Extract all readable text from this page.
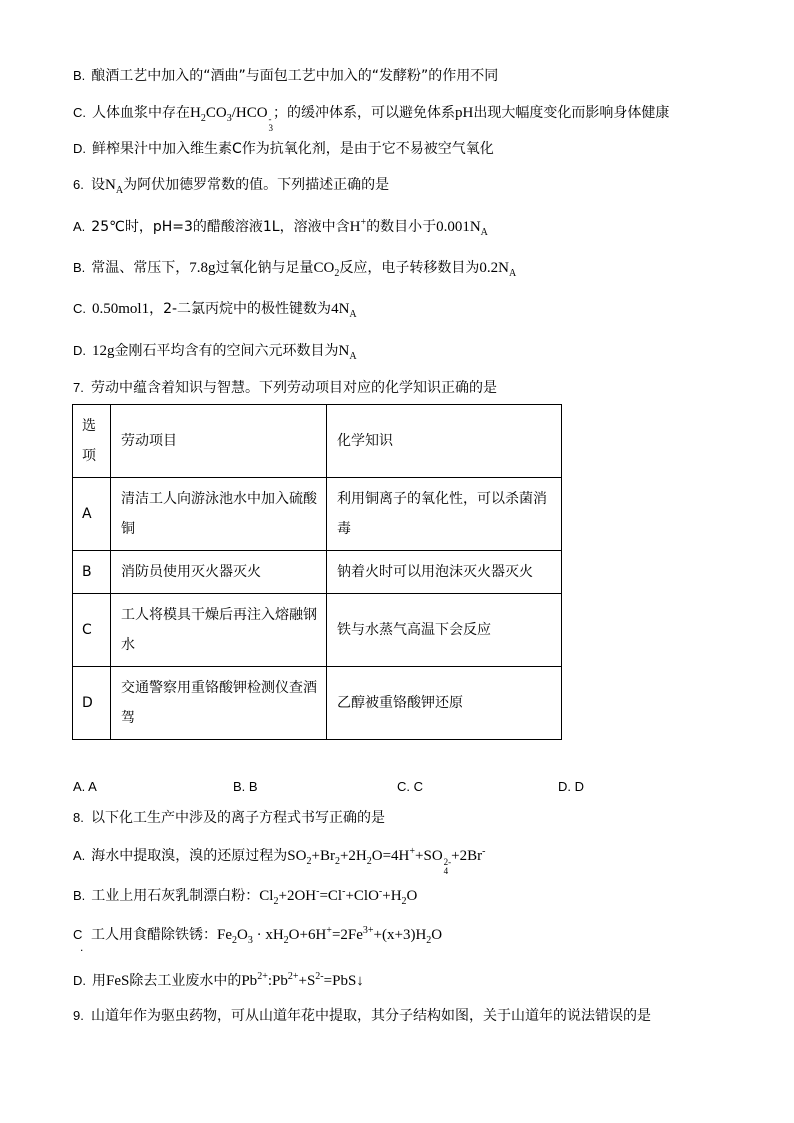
B. 酿酒工艺中加入的“酒曲”与面包工艺中加入的“发酵粉”的作用不同
C. 人体血浆中存在$H_2CO_3$/HCO -
3
；的缓冲体系，可以避免体系pH出现大幅度变化而影响身体健康
D. 鲜榨果汁中加入维生素C作为抗氧化剂，是由于它不易被空气氧化
6. 设$N_A$为阿伏加德罗常数的值。下列描述正确的是
A. 25℃时，pH=3的醋酸溶液1L，溶液中含H+的数目小于$0.001N_A$
B. 常温、常压下，7.8g过氧化钠与足量$CO_2$反应，电子转移数目为$0.2N_A$
C. 0.50mol1，2-二氯丙烷中的极性键数为$4N_A$
D. 12g金刚石平均含有的空间六元环数目为$N_A$
7. 劳动中蕴含着知识与智慧。下列劳动项目对应的化学知识正确的是
选项	劳动项目	化学知识
A	清洁工人向游泳池水中加入硫酸铜	利用铜离子的氧化性，可以杀菌消毒
B	消防员使用灭火器灭火	钠着火时可以用泡沫灭火器灭火
C	工人将模具干燥后再注入熔融钢水	铁与水蒸气高温下会反应
D	交通警察用重铬酸钾检测仪查酒驾	乙醇被重铬酸钾还原
A. A	B. B	C. C	D. D
8. 以下化工生产中涉及的离子方程式书写正确的是
A. 海水中提取溴，溴的还原过程为$SO_2+Br_2+2H_2O=4H^++SO$ 2-
4
+2Br-
B. 工业上用石灰乳制漂白粉：$Cl_2+2OH^-=Cl^-+ClO^-+H_2O$
C
.
工人用食醋除铁锈：$Fe_2O_3 \cdot xH_2O+6H^+=2Fe^{3+}+(x+3)H_2O$
D. 用FeS除去工业废水中的$Pb^{2+}:Pb^{2+}+S^{2-}=PbS↓$
9. 山道年作为驱虫药物，可从山道年花中提取，其分子结构如图，关于山道年的说法错误的是
